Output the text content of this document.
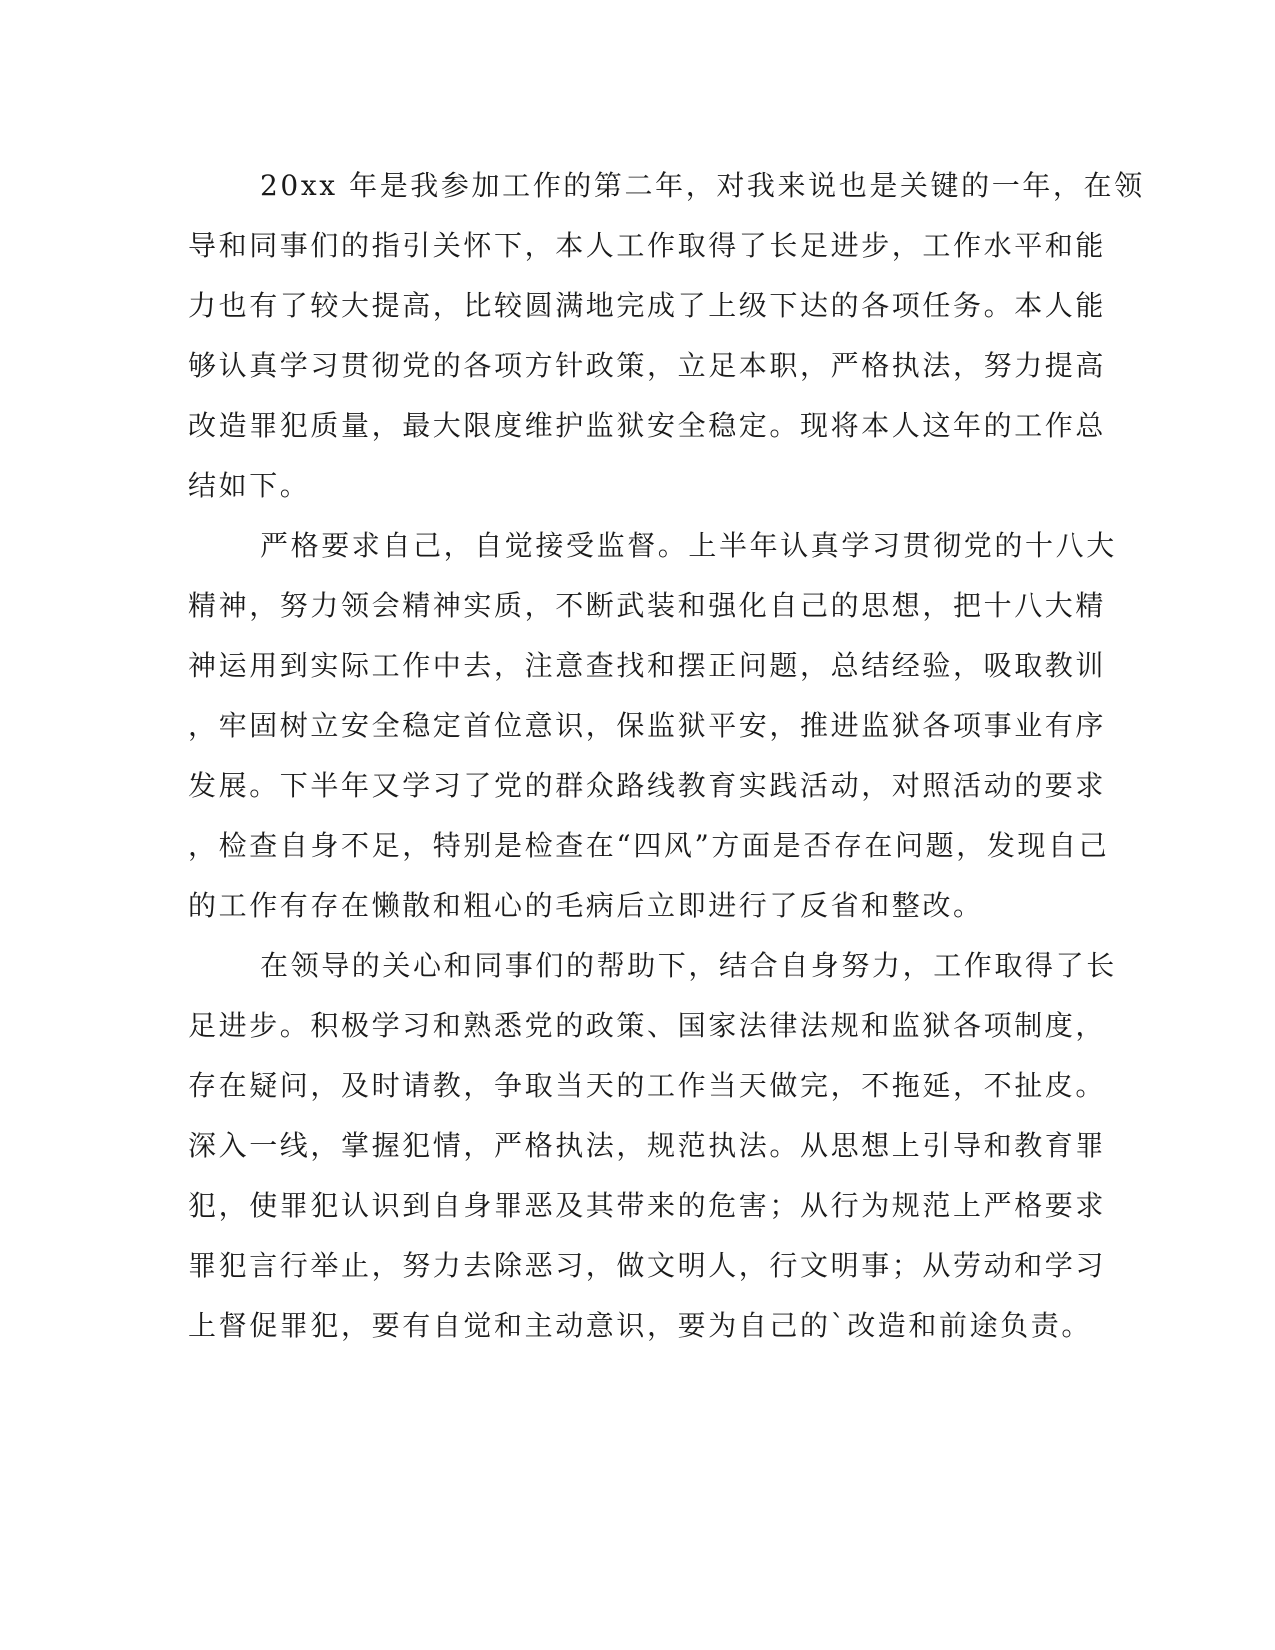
20xx 年是我参加工作的第二年，对我来说也是关键的一年，在领
导和同事们的指引关怀下，本人工作取得了长足进步，工作水平和能
力也有了较大提高，比较圆满地完成了上级下达的各项任务。本人能
够认真学习贯彻党的各项方针政策，立足本职，严格执法，努力提高
改造罪犯质量，最大限度维护监狱安全稳定。现将本人这年的工作总
结如下。
严格要求自己，自觉接受监督。上半年认真学习贯彻党的十八大
精神，努力领会精神实质，不断武装和强化自己的思想，把十八大精
神运用到实际工作中去，注意查找和摆正问题，总结经验，吸取教训
，牢固树立安全稳定首位意识，保监狱平安，推进监狱各项事业有序
发展。下半年又学习了党的群众路线教育实践活动，对照活动的要求
，检查自身不足，特别是检查在“四风”方面是否存在问题，发现自己
的工作有存在懒散和粗心的毛病后立即进行了反省和整改。
在领导的关心和同事们的帮助下，结合自身努力，工作取得了长
足进步。积极学习和熟悉党的政策、国家法律法规和监狱各项制度，
存在疑问，及时请教，争取当天的工作当天做完，不拖延，不扯皮。
深入一线，掌握犯情，严格执法，规范执法。从思想上引导和教育罪
犯，使罪犯认识到自身罪恶及其带来的危害；从行为规范上严格要求
罪犯言行举止，努力去除恶习，做文明人，行文明事；从劳动和学习
上督促罪犯，要有自觉和主动意识，要为自己的`改造和前途负责。
